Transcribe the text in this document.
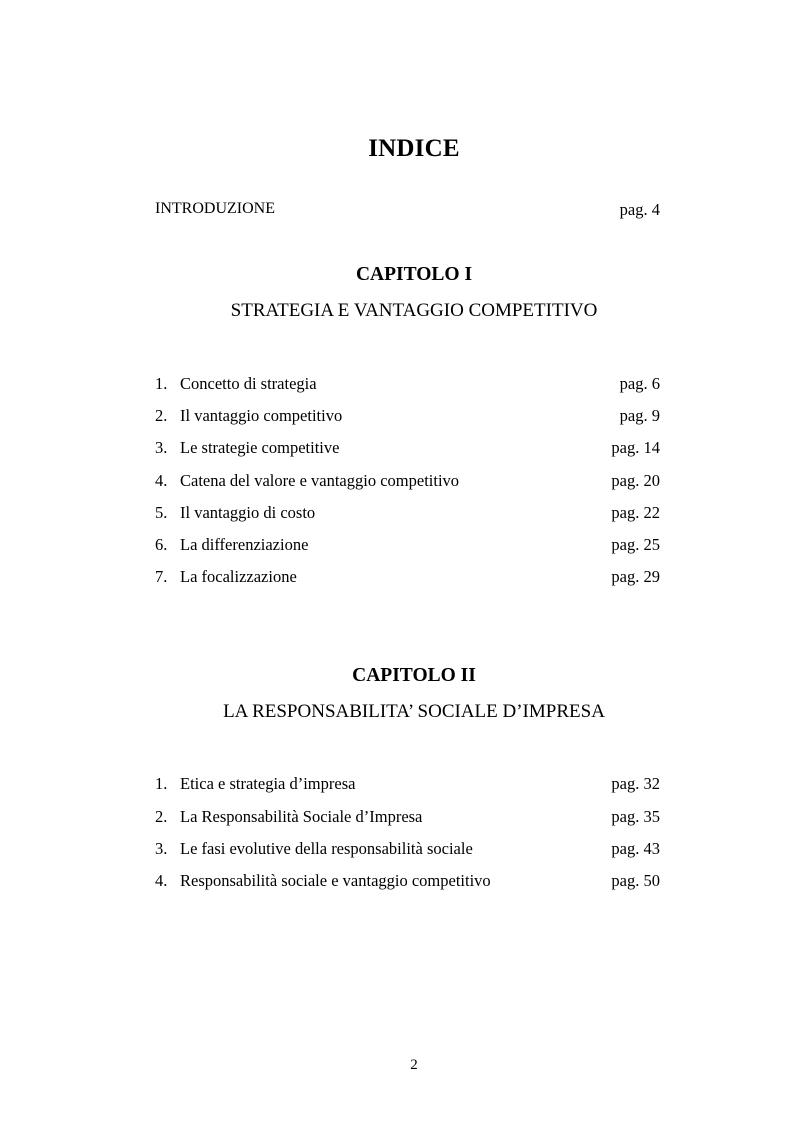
INDICE
INTRODUZIONE	pag. 4
CAPITOLO I
STRATEGIA E VANTAGGIO COMPETITIVO
1. Concetto di strategia	pag. 6
2. Il vantaggio competitivo	pag. 9
3. Le strategie competitive	pag. 14
4. Catena del valore e vantaggio competitivo	pag. 20
5. Il vantaggio di costo	pag. 22
6. La differenziazione	pag. 25
7. La focalizzazione	pag. 29
CAPITOLO II
LA RESPONSABILITA’ SOCIALE D’IMPRESA
1. Etica e strategia d’impresa	pag. 32
2. La Responsabilità Sociale d’Impresa	pag. 35
3. Le fasi evolutive della responsabilità sociale	pag. 43
4. Responsabilità sociale e vantaggio competitivo	pag. 50
2
